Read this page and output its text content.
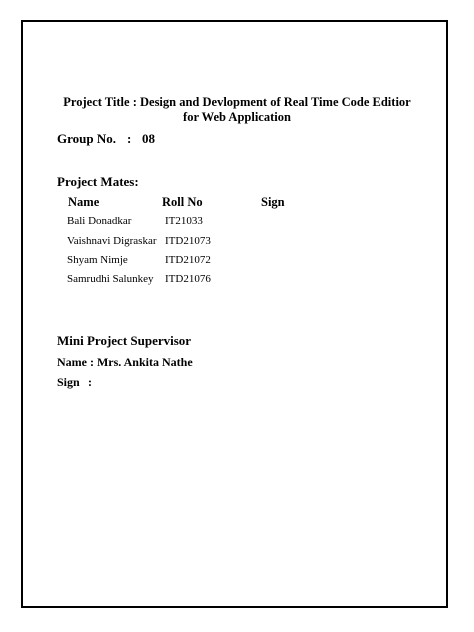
Project Title : Design and Devlopment of Real Time Code Editior
for Web Application
Group No. : 08
Project Mates:
Name	Roll No	Sign
Bali Donadkar	IT21033
Vaishnavi Digraskar ITD21073
Shyam Nimje	ITD21072
Samrudhi Salunkey ITD21076
Mini Project Supervisor
Name : Mrs. Ankita Nathe
Sign :
